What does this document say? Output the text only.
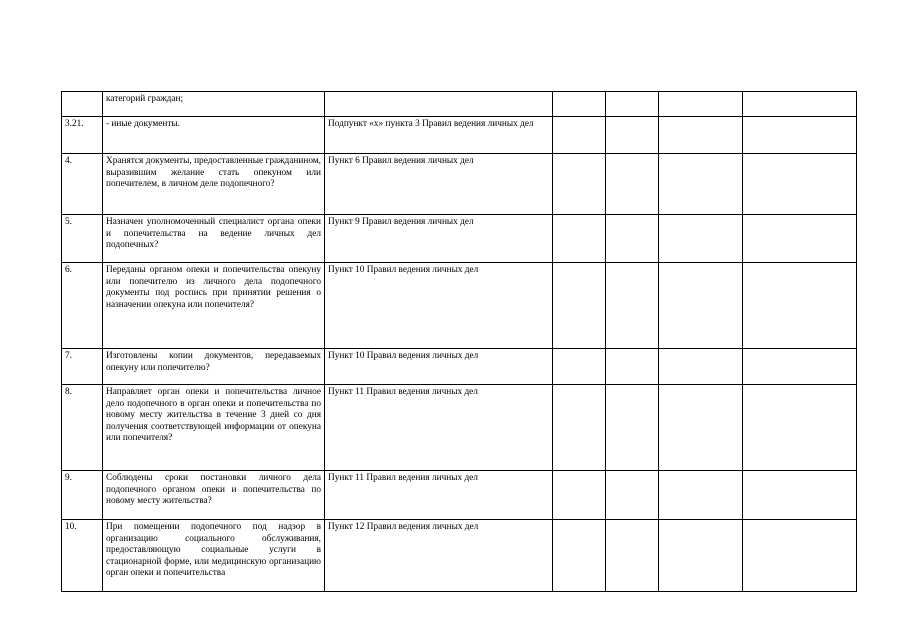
	категорий граждан;					
3.21.	- иные документы.	Подпункт «х» пункта 3 Правил ведения личных дел				
4.	Хранятся документы, предоставленные гражданином, выразившим желание стать опекуном или попечителем, в личном деле подопечного?	Пункт 6 Правил ведения личных дел				
5.	Назначен уполномоченный специалист органа опеки и попечительства на ведение личных дел подопечных?	Пункт 9 Правил ведения личных дел				
6.	Переданы органом опеки и попечительства опекуну или попечителю из личного дела подопечного документы под роспись при принятии решения о назначении опекуна или попечителя?	Пункт 10 Правил ведения личных дел				
7.	Изготовлены копии документов, передаваемых опекуну или попечителю?	Пункт 10 Правил ведения личных дел				
8.	Направляет орган опеки и попечительства личное дело подопечного в орган опеки и попечительства по новому месту жительства в течение 3 дней со дня получения соответствующей информации от опекуна или попечителя?	Пункт 11 Правил ведения личных дел				
9.	Соблюдены сроки постановки личного дела подопечного органом опеки и попечительства по новому месту жительства?	Пункт 11 Правил ведения личных дел				
10.	При помещении подопечного под надзор в организацию социального обслуживания, предоставляющую социальные услуги в стационарной форме, или медицинскую организацию орган опеки и попечительства	Пункт 12 Правил ведения личных дел				
